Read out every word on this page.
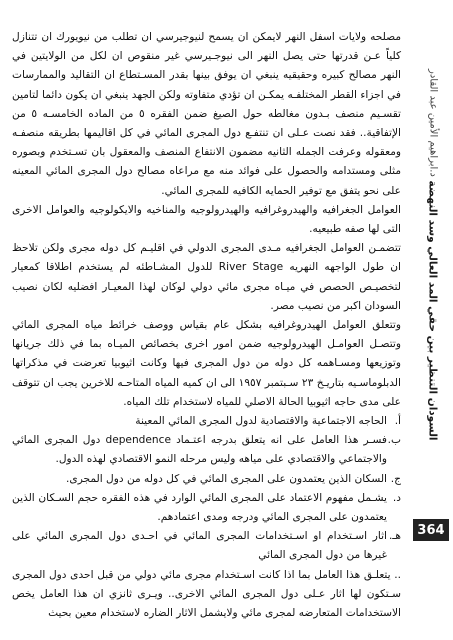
السودان التنظير بين حقي المد العالي وسد النهضة د.ابراهيم الأمين عبد القادر
364

مصلحه ولايات اسفل النهر لايمكن ان يسمح لنيوجيرسي ان تطلب من نيويورك ان تتنازل كلياً عـن قدرتها حتى يصل النهر الى نيوجـيرسي غير منقوص ان لكل من الولايتين في النهر مصالح كبيره وحقيقيه ينبغي ان يوفق بينها بقدر المسـتطاع ان التقاليد والممارسات في اجزاء القطر المختلفـه يمكـن ان تؤدي متفاوته ولكن الجهد ينبغي ان يكون دائما لتامين تقسـيم منصف بـدون مغالطه حول الصيغ ضمن الفقره ٥ من الماده الخامسـه ٥ من الإتفاقية.. فقد نصت عـلى ان تنتفـع دول المجرى المائي في كل اقاليمها بطريقه منصفـه ومعقوله وعرفت الجمله الثانيه مضمون الانتفاع المنصف والمعقول بان تسـتخدم وبصوره مثلى ومستدامه والحصول على فوائد منه مع مراعاه مصالح دول المجرى المائي المعينه على نحو يتفق مع توفير الحمايه الكافيه للمجرى المائي.

العوامل الجغرافيه والهيدروغرافيه والهيدرولوجيه والمناخيه والايكولوجيه والعوامل الاخرى التى لها صفه طبيعيه.

تتضمـن العوامل الجغرافيه مـدى المجرى الدولي في اقليـم كل دوله مجرى ولكن تلاحظ ان طول الواجهه النهريه River Stage للدول المشـاطئه لم يستخدم اطلاقا كمعيار لتخصيـص الحصص في ميـاه مجرى مائي دولي لوكان لهذا المعيـار افضليه لكان نصيب السودان اكبر من نصيب مصر.

وتتعلق العوامل الهيدروغرافيه بشكل عام بقياس ووصف خرائط مياه المجرى المائي وتتصـل العوامـل الهيدرولوجيه ضمن امور اخرى بخصائص الميـاه بما في ذلك جريانها وتوزيعها ومسـاهمه كل دوله من دول المجرى فيها وكانت اثيوبيا تعرضت في مذكراتها الدبلوماسـيه بتاريـخ ٢٣ سـبتمبر ١٩٥٧ الى ان كميه المياه المتاحـه للاخرين يجب ان تتوقف على مدى حاجه اثيوبيا الحالة الاصلي للمياه لاستخدام تلك المياه.

أ.
الحاجه الاجتماعية والاقتصادية لدول المجرى المائي المعينة
ب.
فسـر هذا العامل على انه يتعلق بدرجه اعتـماد dependence دول المجرى المائي والاجتماعي والاقتصادي على مياهه وليس مرحله النمو الاقتصادي لهذه الدول.
ج.
السكان الذين يعتمدون على المجرى المائي في كل دوله من دول المجرى.
د.
يشـمل مفهوم الاعتماد على المجرى المائي الوارد في هذه الفقره حجم السـكان الذين يعتمدون على المجرى المائي ودرجه ومدى اعتمادهم.
هـ.
اثار اسـتخدام او اسـتخدامات المجرى المائي في احـدى دول المجرى المائي على غيرها من دول المجرى المائي

.. يتعلـق هذا العامل بما اذا كانت اسـتخدام مجرى مائي دولي من قبل احدى دول المجرى سـتكون لها اثار عـلى دول المجرى المائي الاخرى.. ويـرى ثانزي ان هذا العامل يخص الاستخدامات المتعارضه لمجرى مائي ولايشمل الاثار الضاره لاستخدام معين بحيث
